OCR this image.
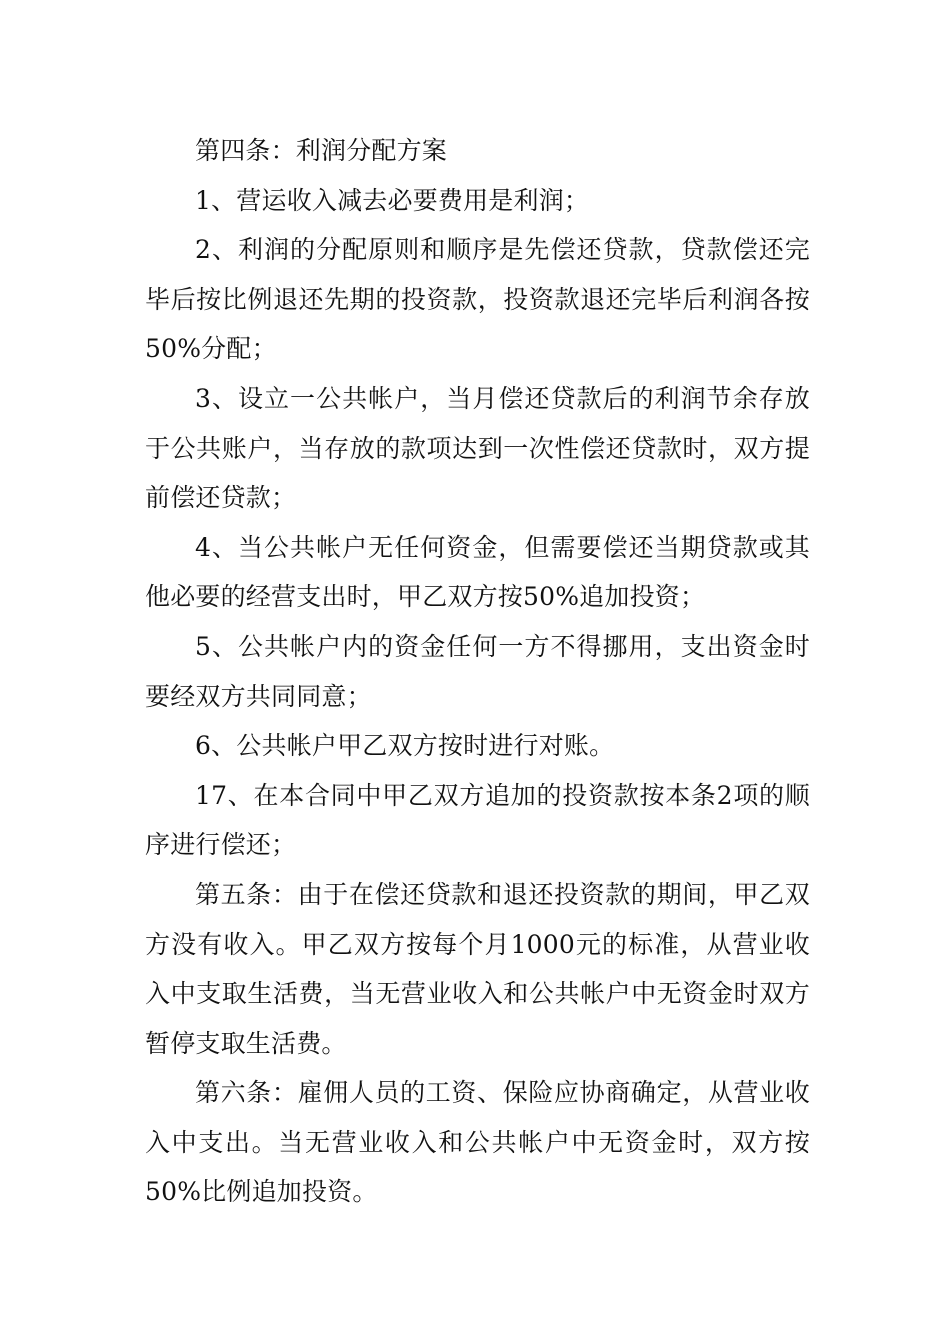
第四条：利润分配方案

1、营运收入减去必要费用是利润；

2、利润的分配原则和顺序是先偿还贷款，贷款偿还完毕后按比例退还先期的投资款，投资款退还完毕后利润各按50%分配；

3、设立一公共帐户，当月偿还贷款后的利润节余存放于公共账户，当存放的款项达到一次性偿还贷款时，双方提前偿还贷款；

4、当公共帐户无任何资金，但需要偿还当期贷款或其他必要的经营支出时，甲乙双方按50%追加投资；

5、公共帐户内的资金任何一方不得挪用，支出资金时要经双方共同同意；

6、公共帐户甲乙双方按时进行对账。

17、在本合同中甲乙双方追加的投资款按本条2项的顺序进行偿还；

第五条：由于在偿还贷款和退还投资款的期间，甲乙双方没有收入。甲乙双方按每个月1000元的标准，从营业收入中支取生活费，当无营业收入和公共帐户中无资金时双方暂停支取生活费。

第六条：雇佣人员的工资、保险应协商确定，从营业收入中支出。当无营业收入和公共帐户中无资金时，双方按50%比例追加投资。
